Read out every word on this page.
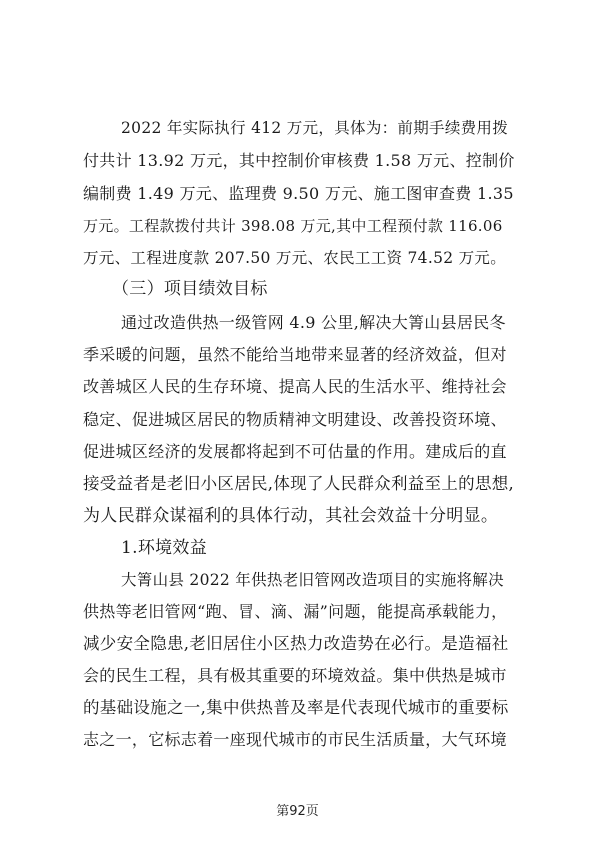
2022 年实际执行 412 万元，具体为：前期手续费用拨
付共计 13.92 万元，其中控制价审核费 1.58 万元、控制价
编制费 1.49 万元、监理费 9.50 万元、施工图审查费 1.35
万元。工程款拨付共计 398.08 万元,其中工程预付款 116.06
万元、工程进度款 207.50 万元、农民工工资 74.52 万元。
（三）项目绩效目标
通过改造供热一级管网 4.9 公里,解决大箐山县居民冬
季采暖的问题，虽然不能给当地带来显著的经济效益，但对
改善城区人民的生存环境、提高人民的生活水平、维持社会
稳定、促进城区居民的物质精神文明建设、改善投资环境、
促进城区经济的发展都将起到不可估量的作用。建成后的直
接受益者是老旧小区居民,体现了人民群众利益至上的思想,
为人民群众谋福利的具体行动，其社会效益十分明显。
1.环境效益
大箐山县 2022 年供热老旧管网改造项目的实施将解决
供热等老旧管网“跑、冒、滴、漏”问题，能提高承载能力，
减少安全隐患,老旧居住小区热力改造势在必行。是造福社
会的民生工程，具有极其重要的环境效益。集中供热是城市
的基础设施之一,集中供热普及率是代表现代城市的重要标
志之一，它标志着一座现代城市的市民生活质量，大气环境
第92页
